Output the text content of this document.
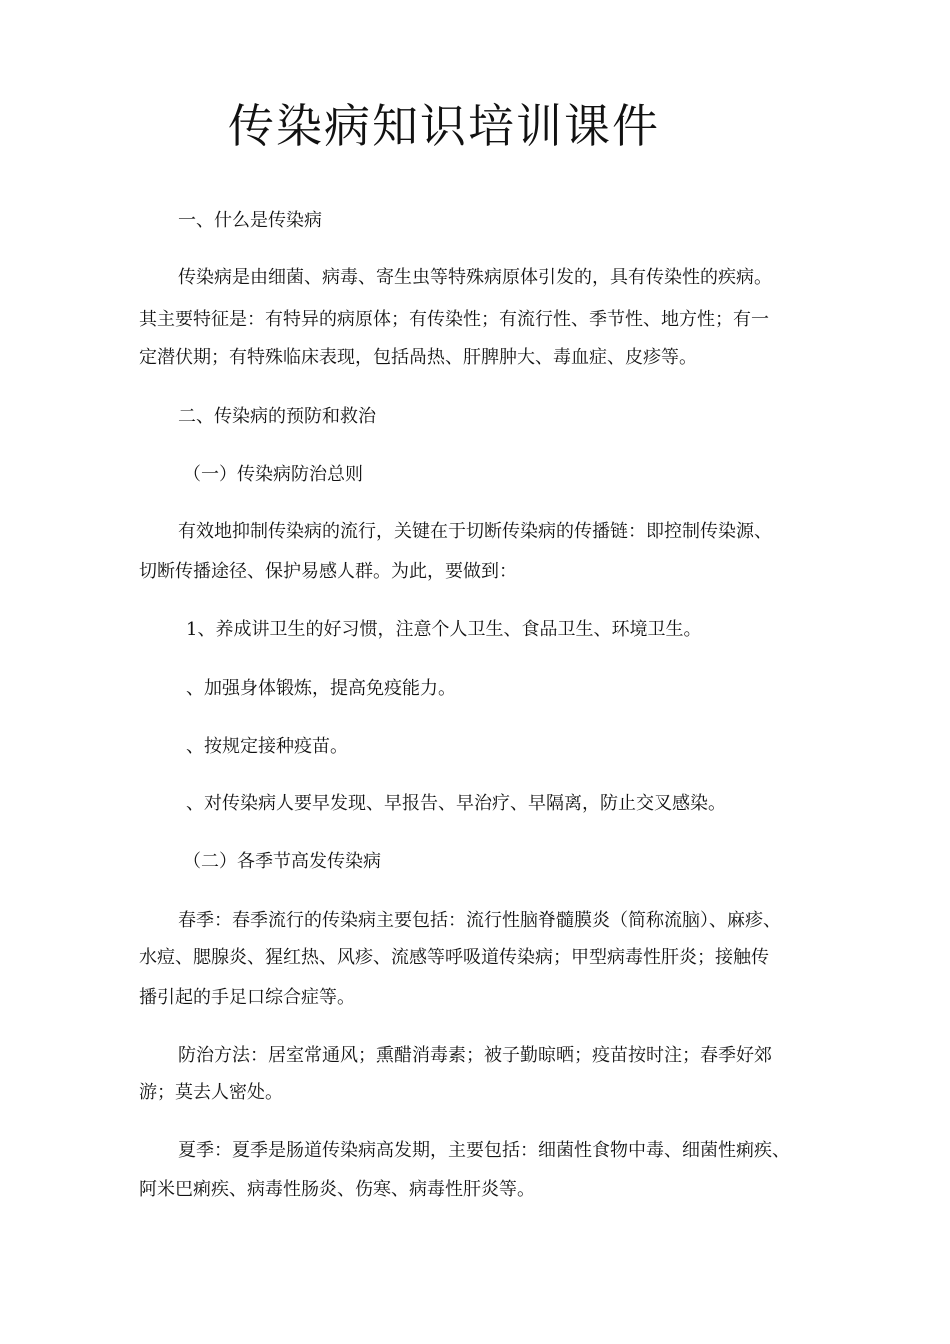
传染病知识培训课件
一、什么是传染病
传染病是由细菌、病毒、寄生虫等特殊病原体引发的，具有传染性的疾病。
其主要特征是：有特异的病原体；有传染性；有流行性、季节性、地方性；有一
定潜伏期；有特殊临床表现，包括咼热、肝脾肿大、毒血症、皮疹等。
二、传染病的预防和救治
（一）传染病防治总则
有效地抑制传染病的流行，关键在于切断传染病的传播链：即控制传染源、
切断传播途径、保护易感人群。为此，要做到：
1、养成讲卫生的好习惯，注意个人卫生、食品卫生、环境卫生。
、加强身体锻炼，提高免疫能力。
、按规定接种疫苗。
、对传染病人要早发现、早报告、早治疗、早隔离，防止交叉感染。
（二）各季节高发传染病
春季：春季流行的传染病主要包括：流行性脑脊髓膜炎（简称流脑）、麻疹、
水痘、腮腺炎、猩红热、风疹、流感等呼吸道传染病；甲型病毒性肝炎；接触传
播引起的手足口综合症等。
防治方法：居室常通风；熏醋消毒素；被子勤晾晒；疫苗按时注；春季好郊
游；莫去人密处。
夏季：夏季是肠道传染病高发期，主要包括：细菌性食物中毒、细菌性痢疾、
阿米巴痢疾、病毒性肠炎、伤寒、病毒性肝炎等。
